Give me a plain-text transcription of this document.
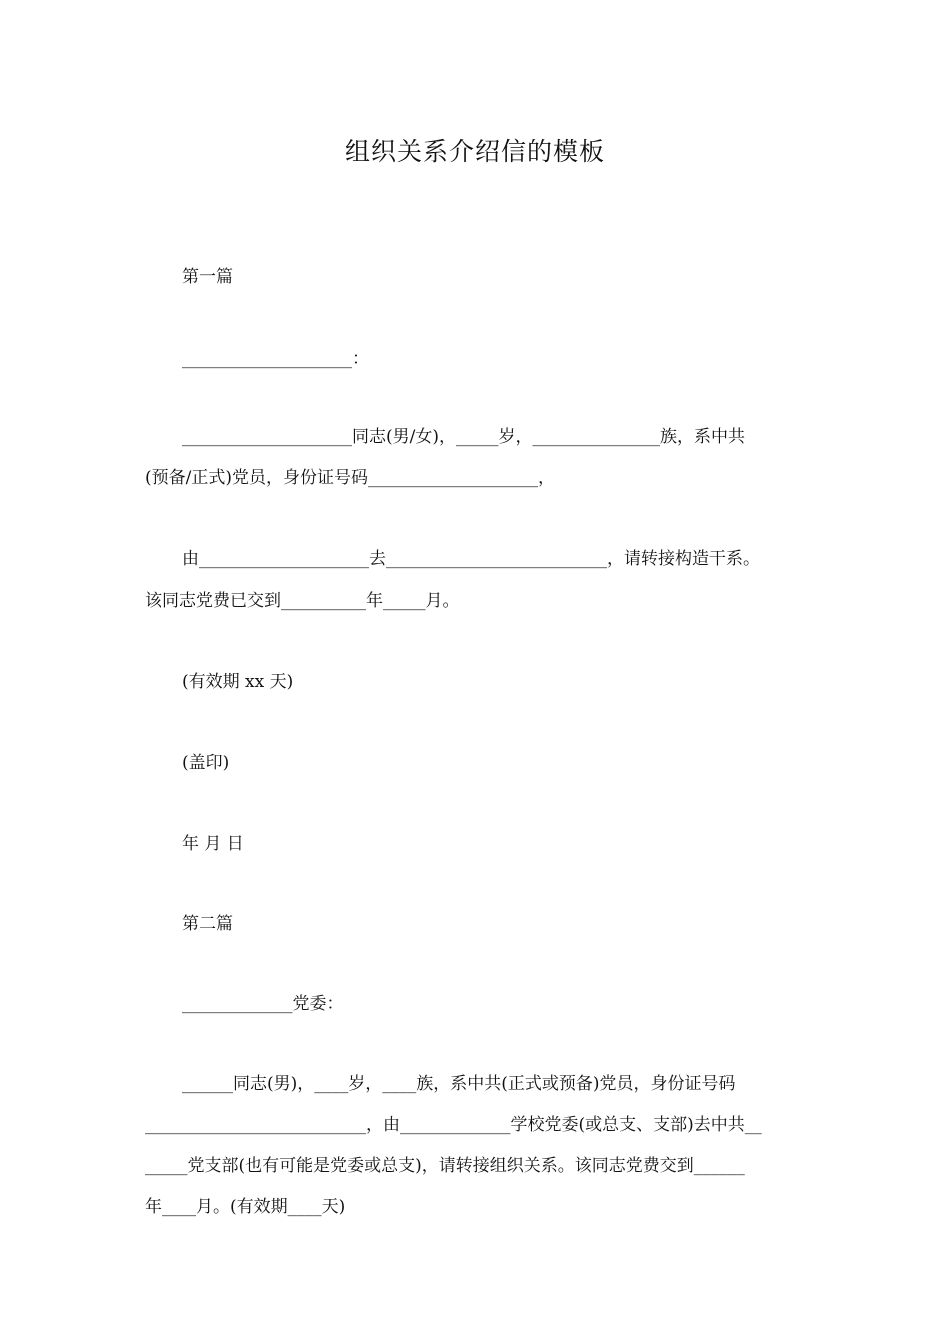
组织关系介绍信的模板
第一篇
____________________：
____________________同志(男/女)，_____岁，_______________族，系中共
(预备/正式)党员，身份证号码____________________，
由____________________去__________________________，请转接构造干系。
该同志党费已交到__________年_____月。
(有效期 xx 天)
(盖印)
年 月 日
第二篇
_____________党委：
______同志(男)，____岁，____族，系中共(正式或预备)党员，身份证号码
__________________________，由_____________学校党委(或总支、支部)去中共__
_____党支部(也有可能是党委或总支)，请转接组织关系。该同志党费交到______
年____月。(有效期____天)
